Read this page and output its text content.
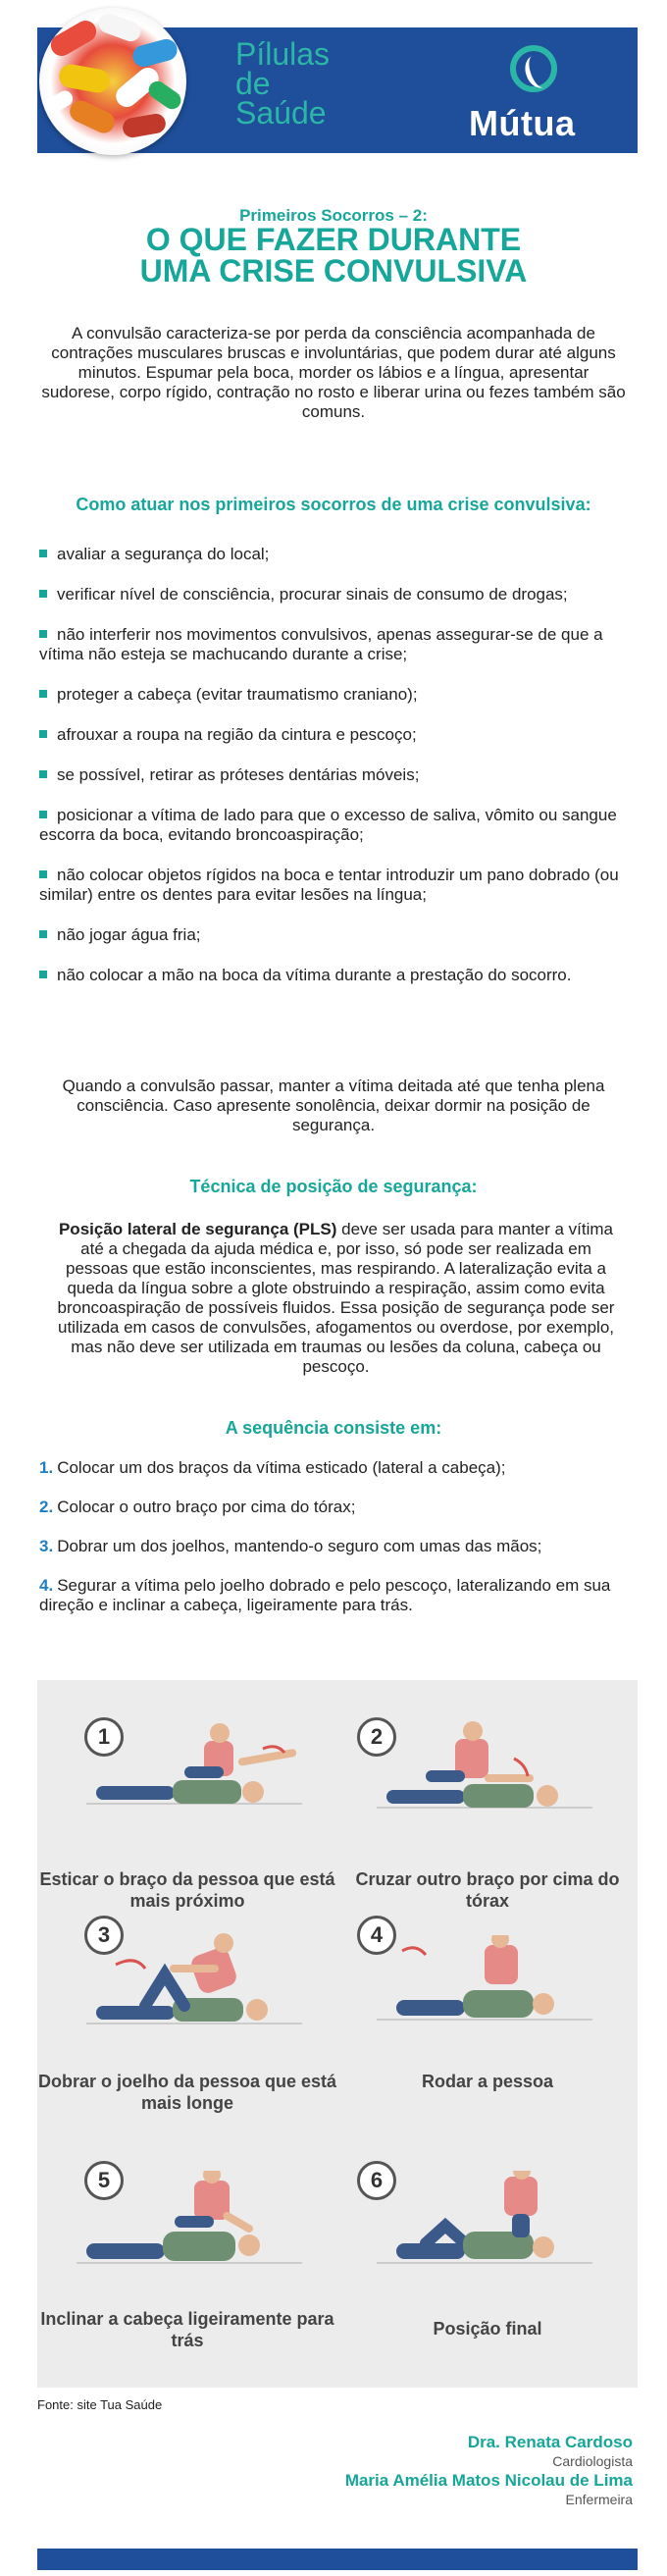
Pílulas
de
Saúde	Mútua
Primeiros Socorros – 2:
O QUE FAZER DURANTE
UMA CRISE CONVULSIVA
A convulsão caracteriza-se por perda da consciência acompanhada de contrações musculares bruscas e involuntárias, que podem durar até alguns minutos. Espumar pela boca, morder os lábios e a língua, apresentar sudorese, corpo rígido, contração no rosto e liberar urina ou fezes também são comuns.
Como atuar nos primeiros socorros de uma crise convulsiva:
avaliar a segurança do local;
verificar nível de consciência, procurar sinais de consumo de drogas;
não interferir nos movimentos convulsivos, apenas assegurar-se de que a vítima não esteja se machucando durante a crise;
proteger a cabeça (evitar traumatismo craniano);
afrouxar a roupa na região da cintura e pescoço;
se possível, retirar as próteses dentárias móveis;
posicionar a vítima de lado para que o excesso de saliva, vômito ou sangue escorra da boca, evitando broncoaspiração;
não colocar objetos rígidos na boca e tentar introduzir um pano dobrado (ou similar) entre os dentes para evitar lesões na língua;
não jogar água fria;
não colocar a mão na boca da vítima durante a prestação do socorro.
Quando a convulsão passar, manter a vítima deitada até que tenha plena consciência. Caso apresente sonolência, deixar dormir na posição de segurança.
Técnica de posição de segurança:
Posição lateral de segurança (PLS) deve ser usada para manter a vítima até a chegada da ajuda médica e, por isso, só pode ser realizada em pessoas que estão inconscientes, mas respirando. A lateralização evita a queda da língua sobre a glote obstruindo a respiração, assim como evita broncoaspiração de possíveis fluidos. Essa posição de segurança pode ser utilizada em casos de convulsões, afogamentos ou overdose, por exemplo, mas não deve ser utilizada em traumas ou lesões da coluna, cabeça ou pescoço.
A sequência consiste em:
1. Colocar um dos braços da vítima esticado (lateral a cabeça);
2. Colocar o outro braço por cima do tórax;
3. Dobrar um dos joelhos, mantendo-o seguro com umas das mãos;
4. Segurar a vítima pelo joelho dobrado e pelo pescoço, lateralizando em sua direção e inclinar a cabeça, ligeiramente para trás.
1
Esticar o braço da pessoa que está mais próximo
2
Cruzar outro braço por cima do tórax
3
Dobrar o joelho da pessoa que está mais longe
4
Rodar a pessoa
5
Inclinar a cabeça ligeiramente para trás
6
Posição final
Fonte: site Tua Saúde
Dra. Renata Cardoso
Cardiologista
Maria Amélia Matos Nicolau de Lima
Enfermeira
